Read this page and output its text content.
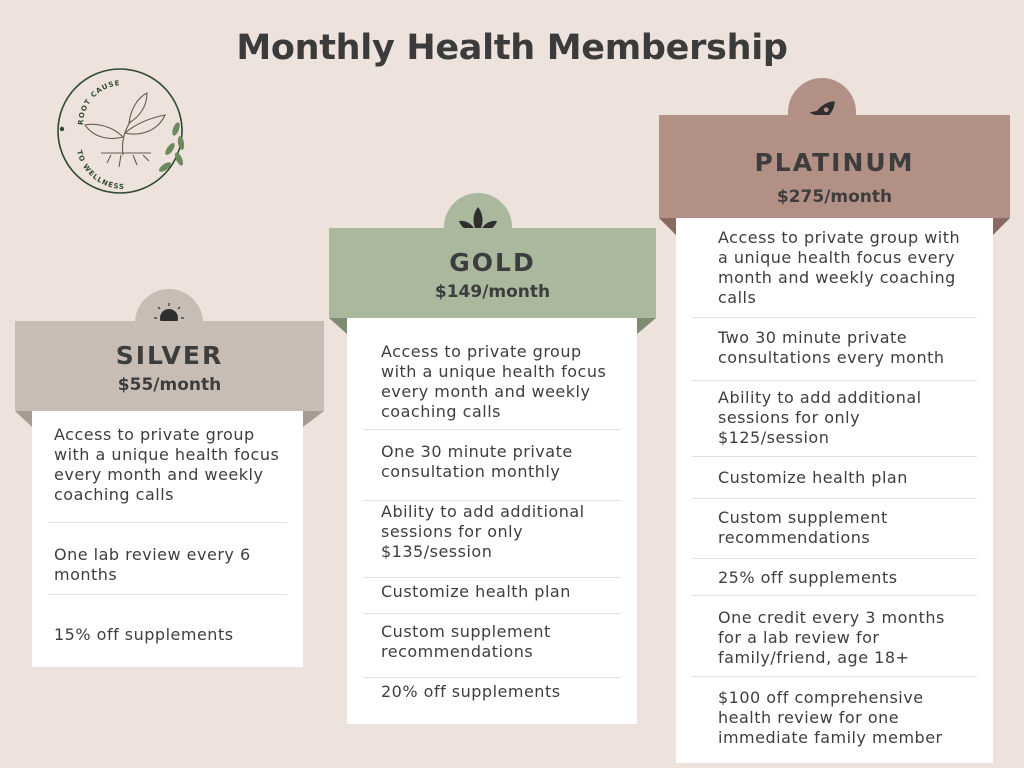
Monthly Health Membership
ROOT CAUSE
TO WELLNESS
SILVER
$55/month
Access to private group with a unique health focus every month and weekly coaching calls
One lab review every 6 months
15% off supplements
GOLD
$149/month
Access to private group with a unique health focus every month and weekly coaching calls
One 30 minute private consultation monthly
Ability to add additional sessions for only $135/session
Customize health plan
Custom supplement recommendations
20% off supplements
PLATINUM
$275/month
Access to private group with a unique health focus every month and weekly coaching calls
Two 30 minute private consultations every month
Ability to add additional sessions for only $125/session
Customize health plan
Custom supplement recommendations
25% off supplements
One credit every 3 months for a lab review for family/friend, age 18+
$100 off comprehensive health review for one immediate family member
